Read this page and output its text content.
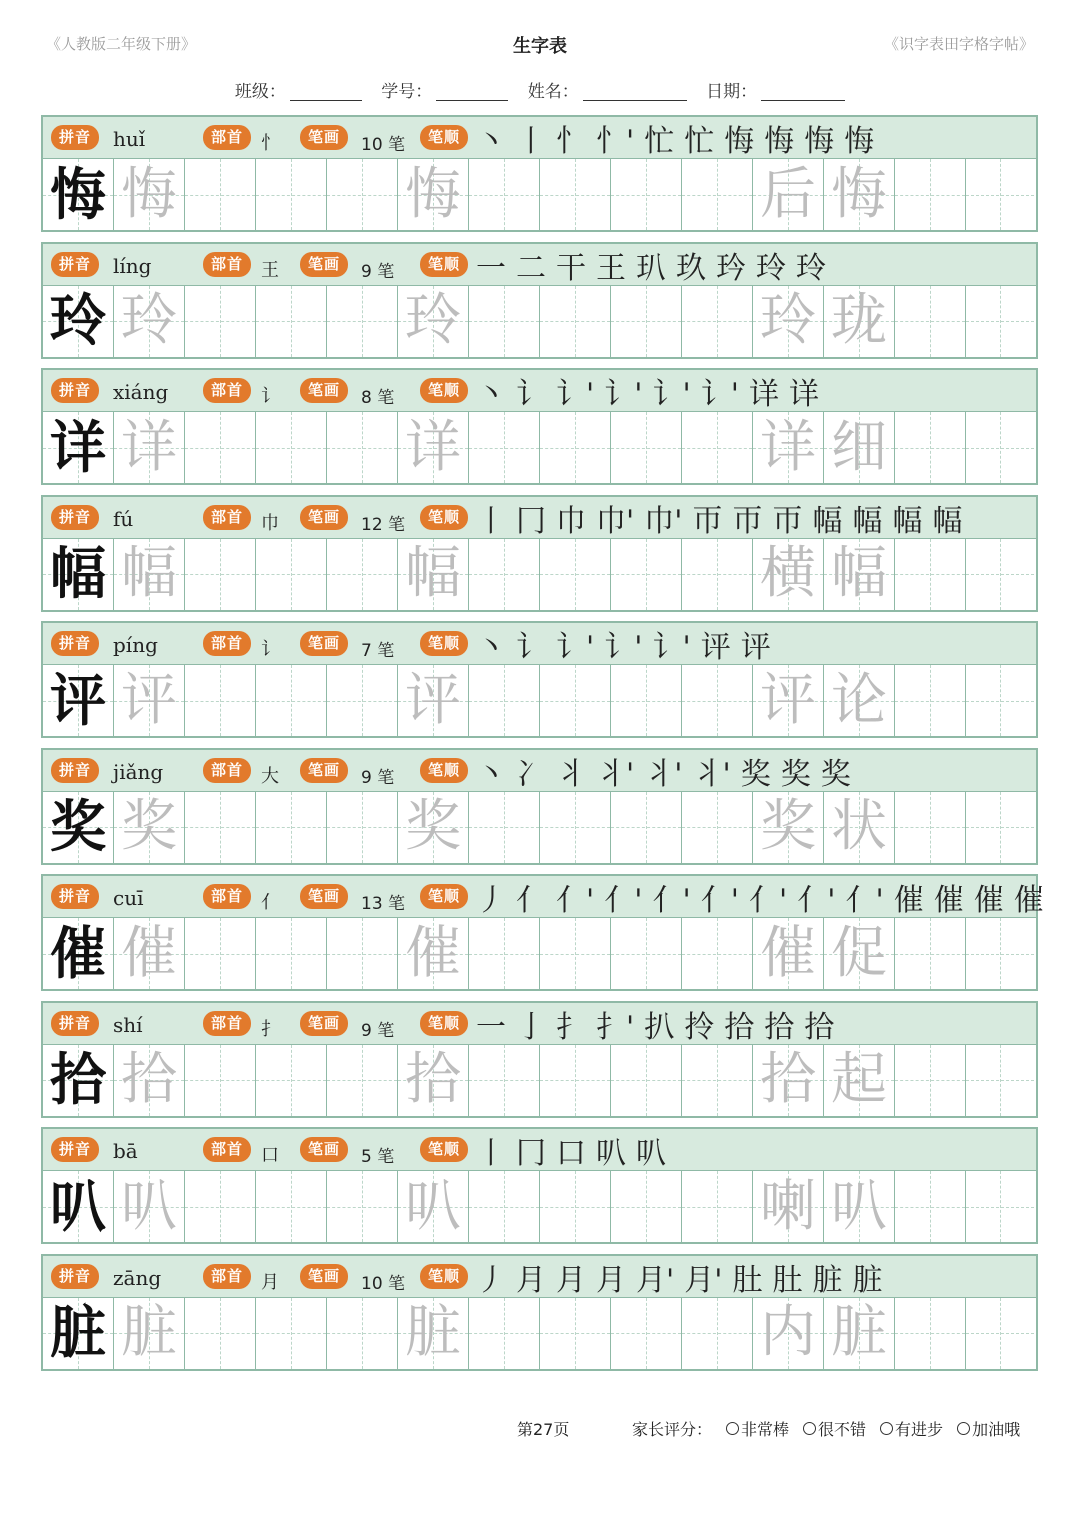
《人教版二年级下册》	生字表	《识字表田字格字帖》
班级：	学号：	姓名：	日期：
拼音	huǐ	部首	忄	笔画	10 笔	笔顺 丶 丨 忄 忄' 忙 忙 悔 悔 悔 悔
悔 悔	悔	后 悔
拼音	líng	部首	王	笔画	9 笔	笔顺 一 二 干 王 玐 玖 玪 玲 玲
玲 玲	玲	玲 珑
拼音	xiáng	部首	讠	笔画	8 笔	笔顺 丶 讠 讠' 讠' 讠' 讠' 详 详
详 详	详	详 细
拼音	fú	部首	巾	笔画	12 笔	笔顺 丨 冂 巾 巾' 巾' 帀 帀 帀 幅 幅 幅 幅
幅 幅	幅	横 幅
拼音	píng	部首	讠	笔画	7 笔	笔顺 丶 讠 讠' 讠' 讠' 评 评
评 评	评	评 论
拼音	jiǎng	部首	大	笔画	9 笔	笔顺 丶 冫 丬 丬' 丬' 丬' 奖 奖 奖
奖 奖	奖	奖 状
拼音	cuī	部首	亻	笔画	13 笔	笔顺 丿 亻 亻' 亻' 亻' 亻' 亻' 亻' 亻' 催 催 催 催
催 催	催	催 促
拼音	shí	部首	扌	笔画	9 笔	笔顺 一 亅 扌 扌' 扒 拎 拾 拾 拾
拾 拾	拾	拾 起
拼音	bā	部首	口	笔画	5 笔	笔顺 丨 冂 口 叭 叭
叭 叭	叭	喇 叭
拼音	zāng	部首	月	笔画	10 笔	笔顺 丿 月 月 月 月' 月' 肚 肚 脏 脏
脏 脏	脏	内 脏
第27页	家长评分： 非常棒 很不错 有进步 加油哦
